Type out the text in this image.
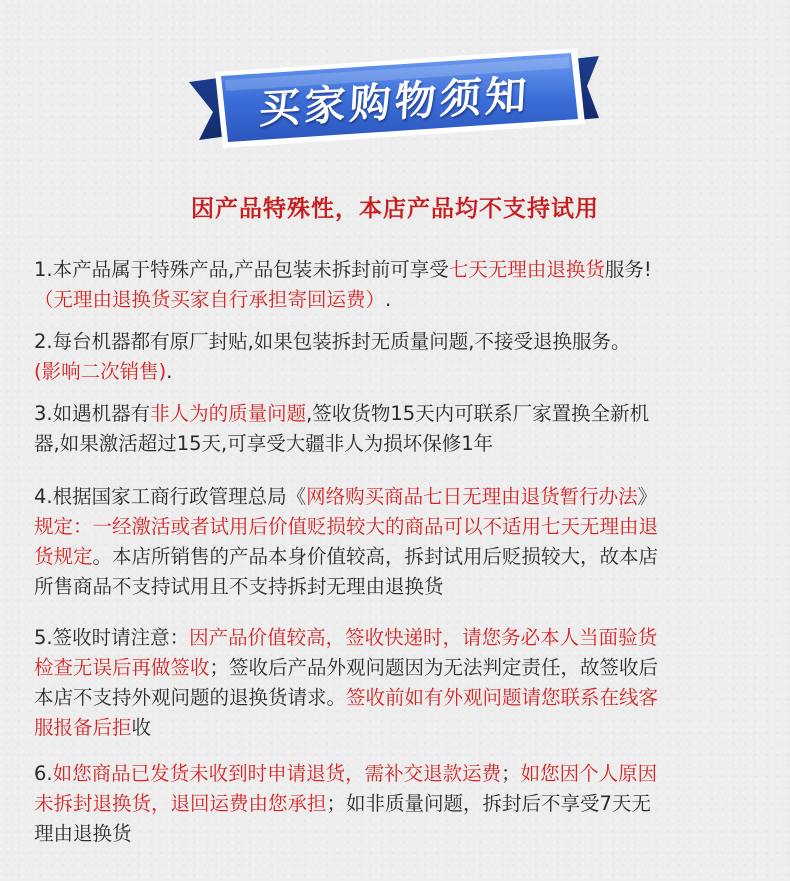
买家购物须知
因产品特殊性，本店产品均不支持试用
1.本产品属于特殊产品,产品包装未拆封前可享受七天无理由退换货服务!
（无理由退换货买家自行承担寄回运费）.
2.每台机器都有原厂封贴,如果包装拆封无质量问题,不接受退换服务。
(影响二次销售).
3.如遇机器有非人为的质量问题,签收货物15天内可联系厂家置换全新机
器,如果激活超过15天,可享受大疆非人为损坏保修1年
4.根据国家工商行政管理总局《网络购买商品七日无理由退货暂行办法》
规定：一经激活或者试用后价值贬损较大的商品可以不适用七天无理由退
货规定。本店所销售的产品本身价值较高，拆封试用后贬损较大，故本店
所售商品不支持试用且不支持拆封无理由退换货
5.签收时请注意：因产品价值较高，签收快递时，请您务必本人当面验货
检查无误后再做签收；签收后产品外观问题因为无法判定责任，故签收后
本店不支持外观问题的退换货请求。签收前如有外观问题请您联系在线客
服报备后拒收
6.如您商品已发货未收到时申请退货，需补交退款运费；如您因个人原因
未拆封退换货，退回运费由您承担；如非质量问题，拆封后不享受7天无
理由退换货
